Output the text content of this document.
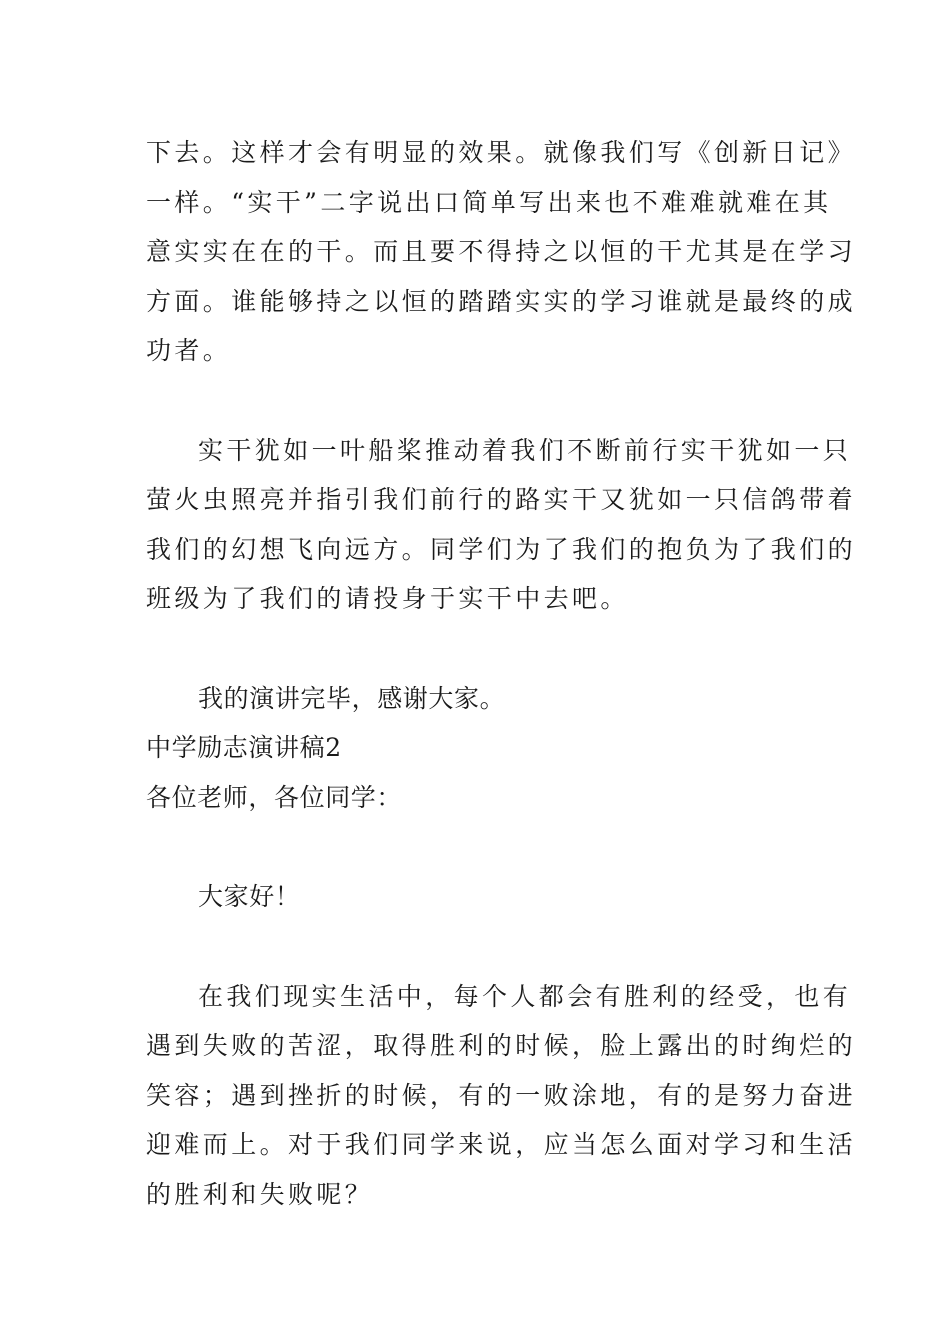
下去。这样才会有明显的效果。就像我们写《创新日记》
一样。“实干”二字说出口简单写出来也不难难就难在其
意实实在在的干。而且要不得持之以恒的干尤其是在学习
方面。谁能够持之以恒的踏踏实实的学习谁就是最终的成
功者。

实干犹如一叶船桨推动着我们不断前行实干犹如一只
萤火虫照亮并指引我们前行的路实干又犹如一只信鸽带着
我们的幻想飞向远方。同学们为了我们的抱负为了我们的
班级为了我们的请投身于实干中去吧。

我的演讲完毕，感谢大家。

中学励志演讲稿2

各位老师，各位同学：

大家好！

在我们现实生活中，每个人都会有胜利的经受，也有
遇到失败的苦涩，取得胜利的时候，脸上露出的时绚烂的
笑容；遇到挫折的时候，有的一败涂地，有的是努力奋进
迎难而上。对于我们同学来说，应当怎么面对学习和生活
的胜利和失败呢？
